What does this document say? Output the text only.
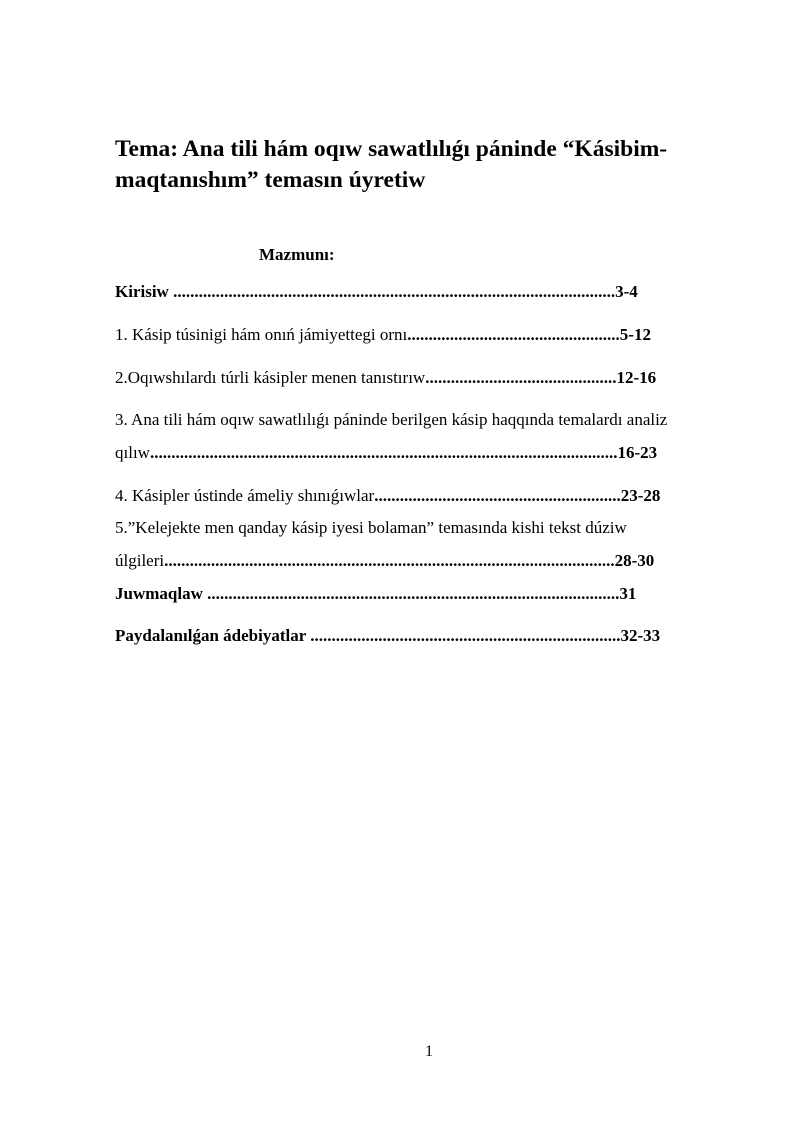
Tema: Ana tili hám oqıw sawatlılıǵı páninde “Kásibim-
maqtanıshım” temasın úyretiw

Mazmunı:

Kirisiw ........................................................................................................3-4

1. Kásip túsinigi hám onıń jámiyettegi ornı..................................................5-12

2.Oqıwshılardı túrli kásipler menen tanıstırıw.............................................12-16

3. Ana tili hám oqıw sawatlılıǵı páninde berilgen kásip haqqında temalardı analiz

qılıw..............................................................................................................16-23

4. Kásipler ústinde ámeliy shınıǵıwlar..........................................................23-28

5.”Kelejekte men qanday kásip iyesi bolaman” temasında kishi tekst dúziw

úlgileri..........................................................................................................28-30

Juwmaqlaw .................................................................................................31

Paydalanılǵan ádebiyatlar .........................................................................32-33

1
